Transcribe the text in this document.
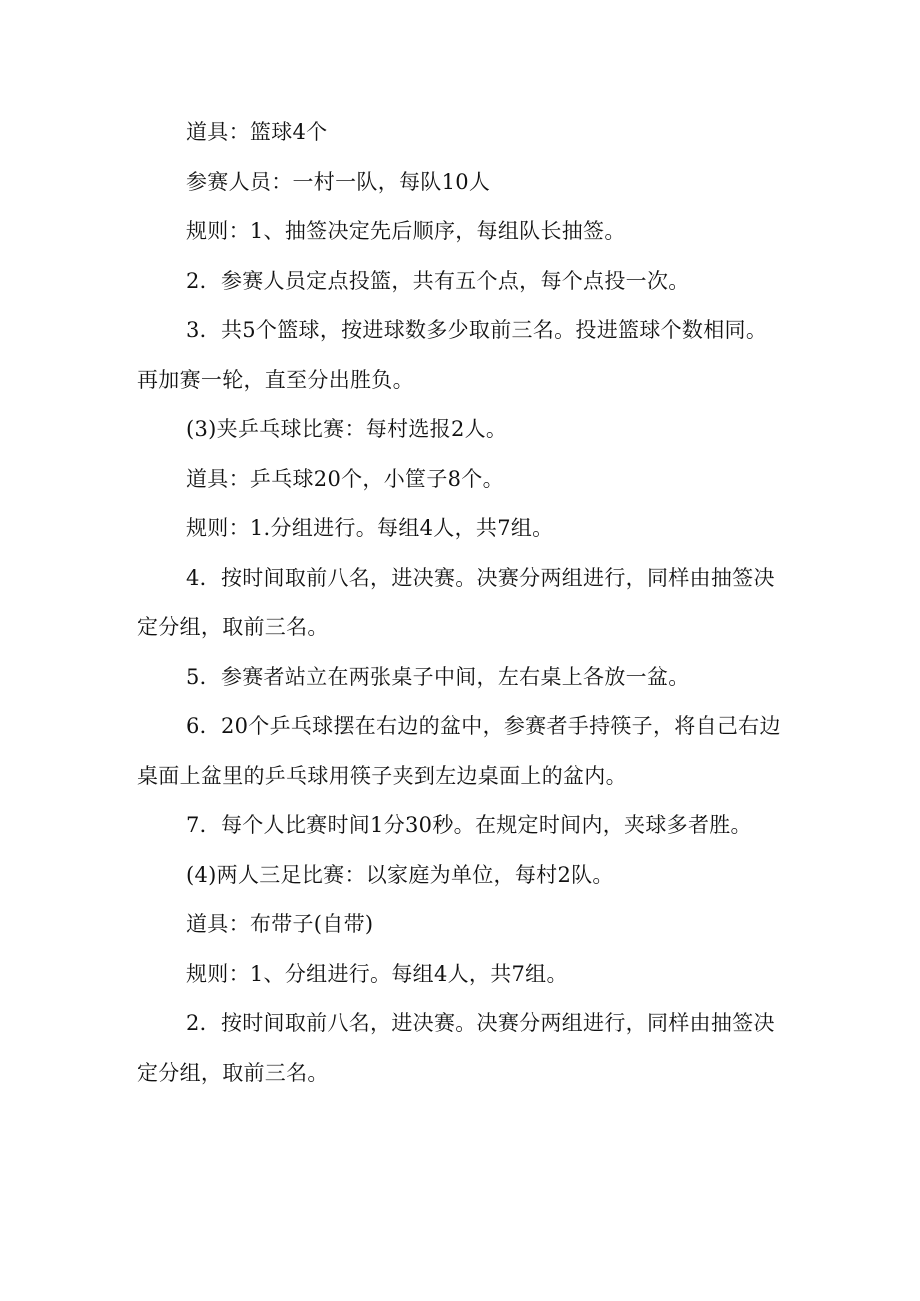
道具：篮球4个

参赛人员：一村一队，每队10人

规则：1、抽签决定先后顺序，每组队长抽签。

2．参赛人员定点投篮，共有五个点，每个点投一次。

3．共5个篮球，按进球数多少取前三名。投进篮球个数相同。再加赛一轮，直至分出胜负。

(3)夹乒乓球比赛：每村选报2人。

道具：乒乓球20个，小筐子8个。

规则：1.分组进行。每组4人，共7组。

4．按时间取前八名，进决赛。决赛分两组进行，同样由抽签决定分组，取前三名。

5．参赛者站立在两张桌子中间，左右桌上各放一盆。

6．20个乒乓球摆在右边的盆中，参赛者手持筷子，将自己右边桌面上盆里的乒乓球用筷子夹到左边桌面上的盆内。

7．每个人比赛时间1分30秒。在规定时间内，夹球多者胜。

(4)两人三足比赛：以家庭为单位，每村2队。

道具：布带子(自带)

规则：1、分组进行。每组4人，共7组。

2．按时间取前八名，进决赛。决赛分两组进行，同样由抽签决定分组，取前三名。
